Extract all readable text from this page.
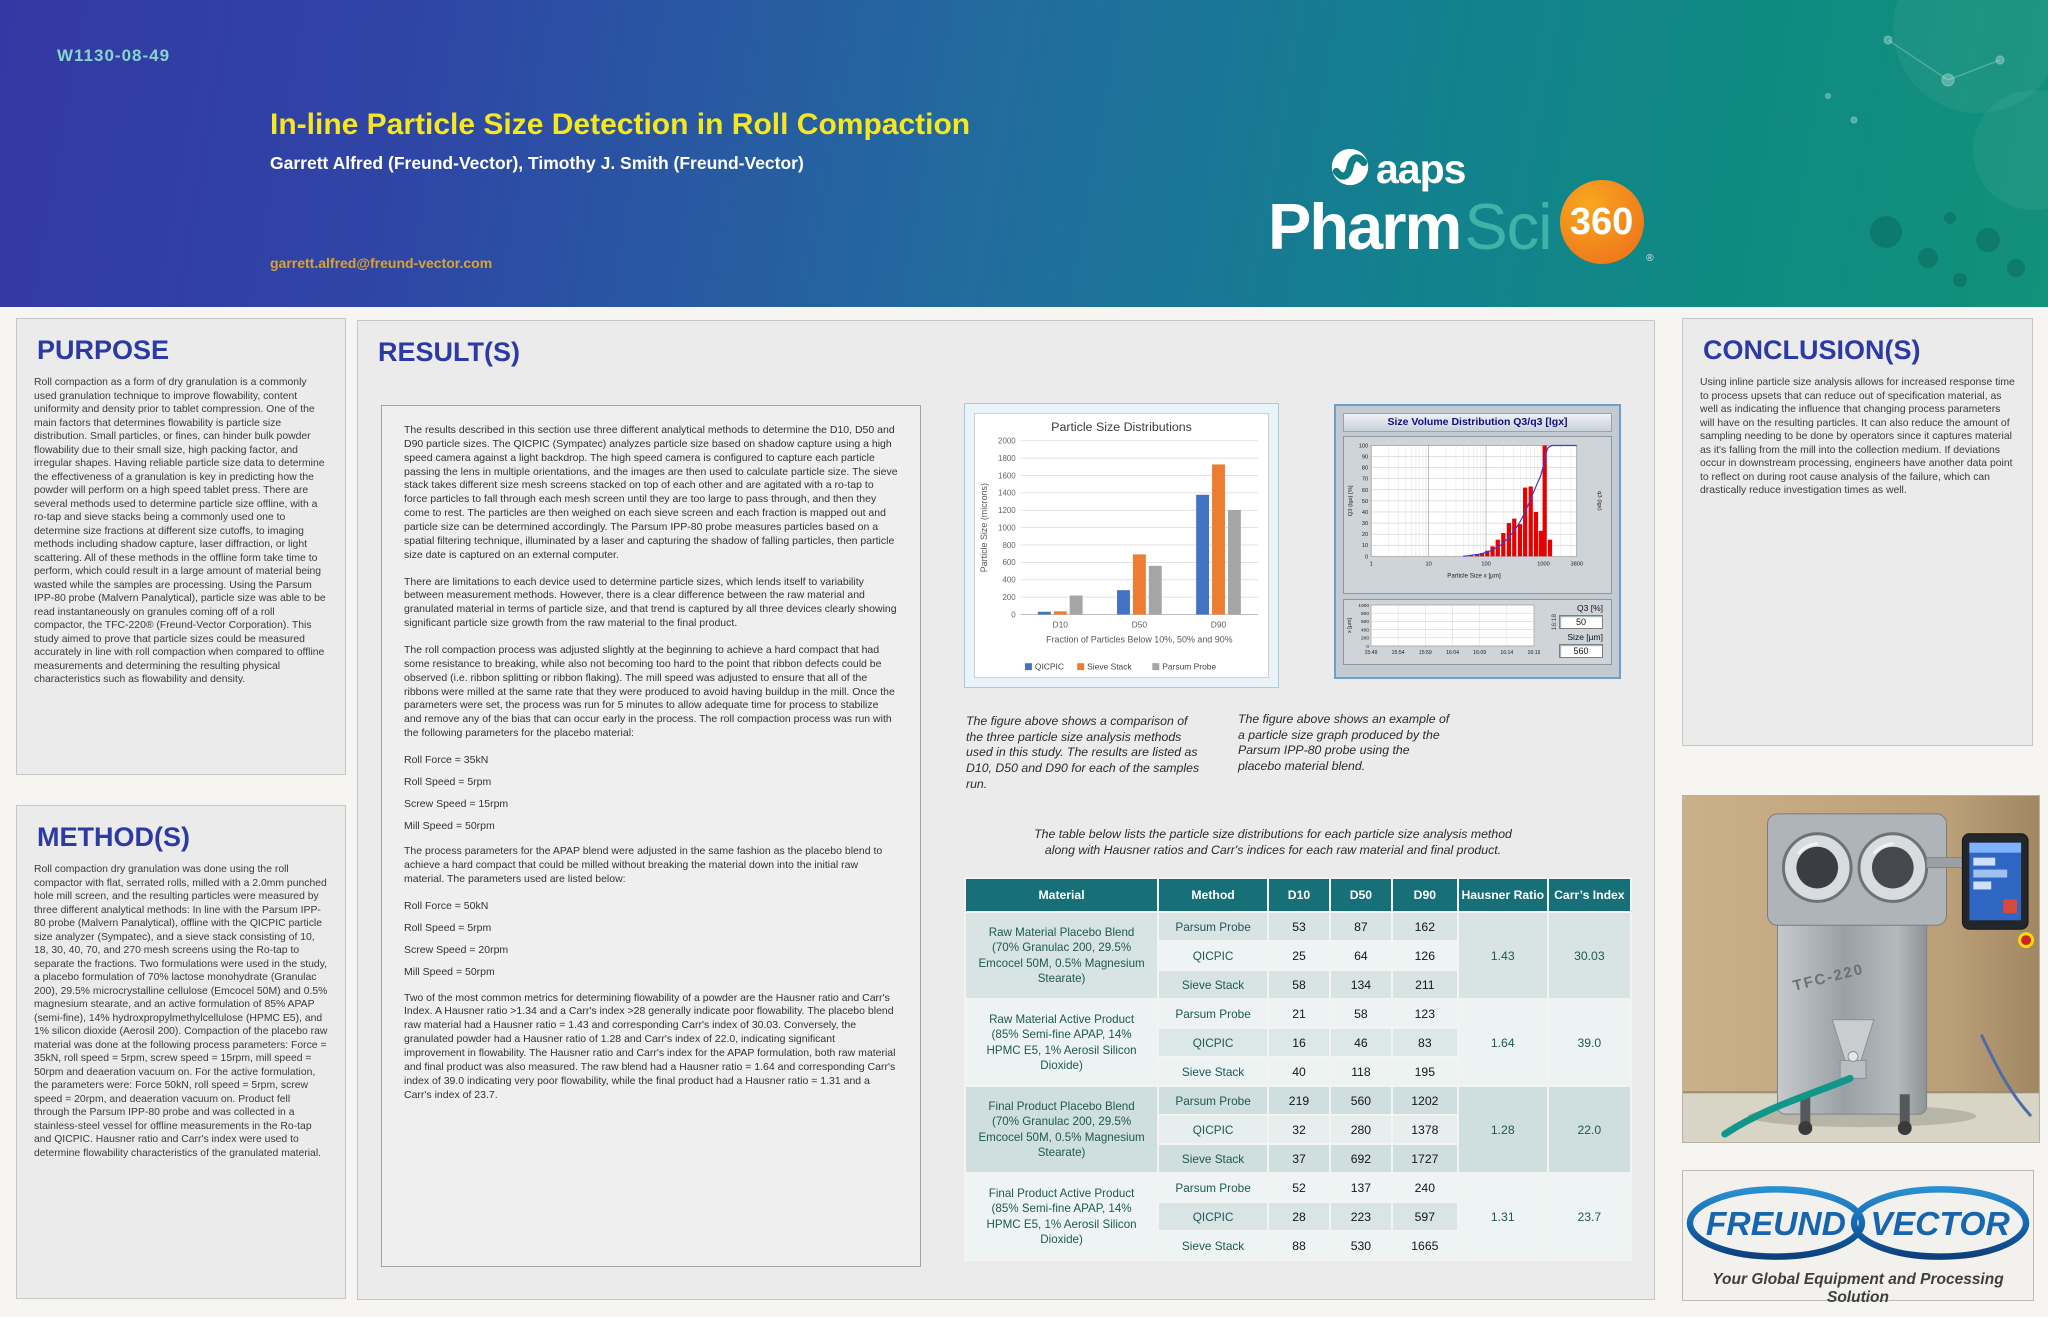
W1130-08-49
In-line Particle Size Detection in Roll Compaction
Garrett Alfred (Freund-Vector), Timothy J. Smith (Freund-Vector)
garrett.alfred@freund-vector.com
aaps
Pharm Sci 360
®
PURPOSE
Roll compaction as a form of dry granulation is a commonly used granulation technique to improve flowability, content uniformity and density prior to tablet compression. One of the main factors that determines flowability is particle size distribution. Small particles, or fines, can hinder bulk powder flowability due to their small size, high packing factor, and irregular shapes. Having reliable particle size data to determine the effectiveness of a granulation is key in predicting how the powder will perform on a high speed tablet press. There are several methods used to determine particle size offline, with a ro-tap and sieve stacks being a commonly used one to determine size fractions at different size cutoffs, to imaging methods including shadow capture, laser diffraction, or light scattering. All of these methods in the offline form take time to perform, which could result in a large amount of material being wasted while the samples are processing. Using the Parsum IPP-80 probe (Malvern Panalytical), particle size was able to be read instantaneously on granules coming off of a roll compactor, the TFC-220® (Freund-Vector Corporation). This study aimed to prove that particle sizes could be measured accurately in line with roll compaction when compared to offline measurements and determining the resulting physical characteristics such as flowability and density.
METHOD(S)
Roll compaction dry granulation was done using the roll compactor with flat, serrated rolls, milled with a 2.0mm punched hole mill screen, and the resulting particles were measured by three different analytical methods: In line with the Parsum IPP-80 probe (Malvern Panalytical), offline with the QICPIC particle size analyzer (Sympatec), and a sieve stack consisting of 10, 18, 30, 40, 70, and 270 mesh screens using the Ro-tap to separate the fractions. Two formulations were used in the study, a placebo formulation of 70% lactose monohydrate (Granulac 200), 29.5% microcrystalline cellulose (Emcocel 50M) and 0.5% magnesium stearate, and an active formulation of 85% APAP (semi-fine), 14% hydroxpropylmethylcellulose (HPMC E5), and 1% silicon dioxide (Aerosil 200). Compaction of the placebo raw material was done at the following process parameters: Force = 35kN, roll speed = 5rpm, screw speed = 15rpm, mill speed = 50rpm and deaeration vacuum on. For the active formulation, the parameters were: Force 50kN, roll speed = 5rpm, screw speed = 20rpm, and deaeration vacuum on. Product fell through the Parsum IPP-80 probe and was collected in a stainless-steel vessel for offline measurements in the Ro-tap and QICPIC. Hausner ratio and Carr's index were used to determine flowability characteristics of the granulated material.
RESULT(S)

The results described in this section use three different analytical methods to determine the D10, D50 and D90 particle sizes. The QICPIC (Sympatec) analyzes particle size based on shadow capture using a high speed camera against a light backdrop. The high speed camera is configured to capture each particle passing the lens in multiple orientations, and the images are then used to calculate particle size. The sieve stack takes different size mesh screens stacked on top of each other and are agitated with a ro-tap to force particles to fall through each mesh screen until they are too large to pass through, and then they come to rest. The particles are then weighed on each sieve screen and each fraction is mapped out and particle size can be determined accordingly. The Parsum IPP-80 probe measures particles based on a spatial filtering technique, illuminated by a laser and capturing the shadow of falling particles, then particle size date is captured on an external computer.

There are limitations to each device used to determine particle sizes, which lends itself to variability between measurement methods. However, there is a clear difference between the raw material and granulated material in terms of particle size, and that trend is captured by all three devices clearly showing significant particle size growth from the raw material to the final product.

The roll compaction process was adjusted slightly at the beginning to achieve a hard compact that had some resistance to breaking, while also not becoming too hard to the point that ribbon defects could be observed (i.e. ribbon splitting or ribbon flaking). The mill speed was adjusted to ensure that all of the ribbons were milled at the same rate that they were produced to avoid having buildup in the mill. Once the parameters were set, the process was run for 5 minutes to allow adequate time for process to stabilize and remove any of the bias that can occur early in the process. The roll compaction process was run with the following parameters for the placebo material:

Roll Force = 35kN
Roll Speed = 5rpm
Screw Speed = 15rpm
Mill Speed = 50rpm

The process parameters for the APAP blend were adjusted in the same fashion as the placebo blend to achieve a hard compact that could be milled without breaking the material down into the initial raw material. The parameters used are listed below:

Roll Force = 50kN
Roll Speed = 5rpm
Screw Speed = 20rpm
Mill Speed = 50rpm

Two of the most common metrics for determining flowability of a powder are the Hausner ratio and Carr's Index. A Hausner ratio >1.34 and a Carr's index >28 generally indicate poor flowability. The placebo blend raw material had a Hausner ratio = 1.43 and corresponding Carr's index of 30.03. Conversely, the granulated powder had a Hausner ratio of 1.28 and Carr's index of 22.0, indicating significant improvement in flowability. The Hausner ratio and Carr's index for the APAP formulation, both raw material and final product was also measured. The raw blend had a Hausner ratio = 1.64 and corresponding Carr's index of 39.0 indicating very poor flowability, while the final product had a Hausner ratio = 1.31 and a Carr's index of 23.7.

Particle Size Distributions
0
200
400
600
800
1000
1200
1400
1600
1800
2000
D10	D50	D90
Fraction of Particles Below 10%, 50% and 90%
Particle Size (microns)
QICPIC	Sieve Stack	Parsum Probe
Size Volume Distribution Q3/q3 [lgx]
0
10
20
30
40
50
60
70
80
90
100
1	10	100	1000	3800
Particle Size x [µm]
Q3 (lgx) [%]	q3 (lgx)
0
200
400
600
800
1000
15:49	15:54	15:59	16:04	16:09	16:14	16:19
x [µm]
Q3 [%]
16:18	50
Size [µm]
560
The figure above shows a comparison of the three particle size analysis methods used in this study. The results are listed as D10, D50 and D90 for each of the samples run.
The figure above shows an example of a particle size graph produced by the Parsum IPP-80 probe using the placebo material blend.
The table below lists the particle size distributions for each particle size analysis method
along with Hausner ratios and Carr's indices for each raw material and final product.
Material	Method	D10	D50	D90	Hausner Ratio	Carr’s Index
Raw Material Placebo Blend (70% Granulac 200, 29.5% Emcocel 50M, 0.5% Magnesium Stearate)	Parsum Probe	53	87	162	1.43	30.03
	QICPIC	25	64	126		
	Sieve Stack	58	134	211		
Raw Material Active Product (85% Semi-fine APAP, 14% HPMC E5, 1% Aerosil Silicon Dioxide)	Parsum Probe	21	58	123	1.64	39.0
	QICPIC	16	46	83		
	Sieve Stack	40	118	195		
Final Product Placebo Blend (70% Granulac 200, 29.5% Emcocel 50M, 0.5% Magnesium Stearate)	Parsum Probe	219	560	1202	1.28	22.0
	QICPIC	32	280	1378		
	Sieve Stack	37	692	1727		
Final Product Active Product (85% Semi-fine APAP, 14% HPMC E5, 1% Aerosil Silicon Dioxide)	Parsum Probe	52	137	240	1.31	23.7
	QICPIC	28	223	597		
	Sieve Stack	88	530	1665		
CONCLUSION(S)
Using inline particle size analysis allows for increased response time to process upsets that can reduce out of specification material, as well as indicating the influence that changing process parameters will have on the resulting particles. It can also reduce the amount of sampling needing to be done by operators since it captures material as it's falling from the mill into the collection medium. If deviations occur in downstream processing, engineers have another data point to reflect on during root cause analysis of the failure, which can drastically reduce investigation times as well.
TFC-220
FREUND VECTOR
Your Global Equipment and Processing Solution
